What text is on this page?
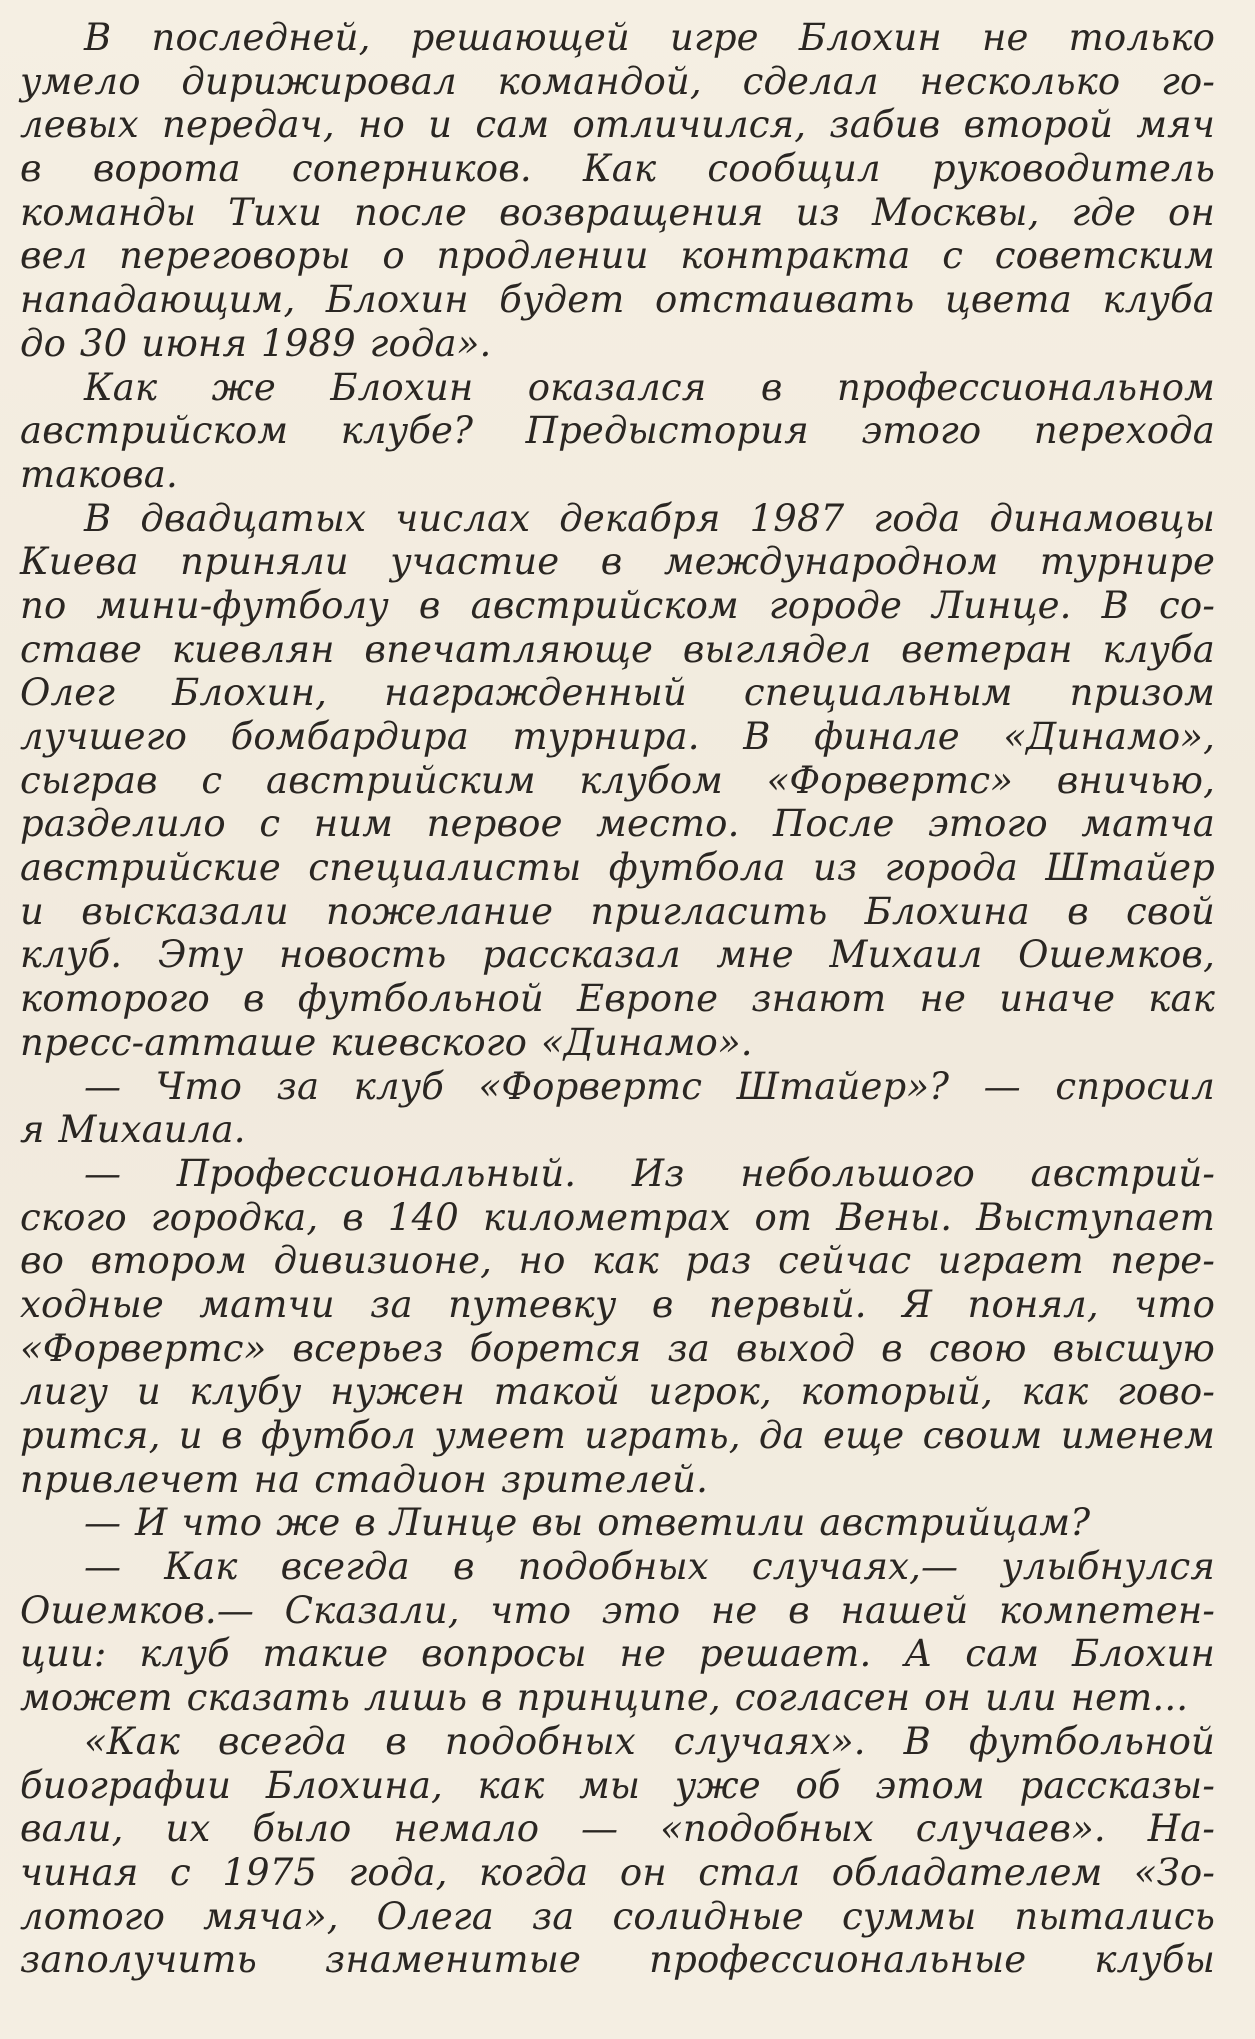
В последней, решающей игре Блохин не только
умело дирижировал командой, сделал несколько го-
левых передач, но и сам отличился, забив второй мяч
в ворота соперников. Как сообщил руководитель
команды Тихи после возвращения из Москвы, где он
вел переговоры о продлении контракта с советским
нападающим, Блохин будет отстаивать цвета клуба
до 30 июня 1989 года».
Как же Блохин оказался в профессиональном
австрийском клубе? Предыстория этого перехода
такова.
В двадцатых числах декабря 1987 года динамовцы
Киева приняли участие в международном турнире
по мини-футболу в австрийском городе Линце. В со-
ставе киевлян впечатляюще выглядел ветеран клуба
Олег Блохин, награжденный специальным призом
лучшего бомбардира турнира. В финале «Динамо»,
сыграв с австрийским клубом «Форвертс» вничью,
разделило с ним первое место. После этого матча
австрийские специалисты футбола из города Штайер
и высказали пожелание пригласить Блохина в свой
клуб. Эту новость рассказал мне Михаил Ошемков,
которого в футбольной Европе знают не иначе как
пресс-атташе киевского «Динамо».
— Что за клуб «Форвертс Штайер»? — спросил
я Михаила.
— Профессиональный. Из небольшого австрий-
ского городка, в 140 километрах от Вены. Выступает
во втором дивизионе, но как раз сейчас играет пере-
ходные матчи за путевку в первый. Я понял, что
«Форвертс» всерьез борется за выход в свою высшую
лигу и клубу нужен такой игрок, который, как гово-
рится, и в футбол умеет играть, да еще своим именем
привлечет на стадион зрителей.
— И что же в Линце вы ответили австрийцам?
— Как всегда в подобных случаях,— улыбнулся
Ошемков.— Сказали, что это не в нашей компетен-
ции: клуб такие вопросы не решает. А сам Блохин
может сказать лишь в принципе, согласен он или нет...
«Как всегда в подобных случаях». В футбольной
биографии Блохина, как мы уже об этом рассказы-
вали, их было немало — «подобных случаев». На-
чиная с 1975 года, когда он стал обладателем «Зо-
лотого мяча», Олега за солидные суммы пытались
заполучить знаменитые профессиональные клубы
